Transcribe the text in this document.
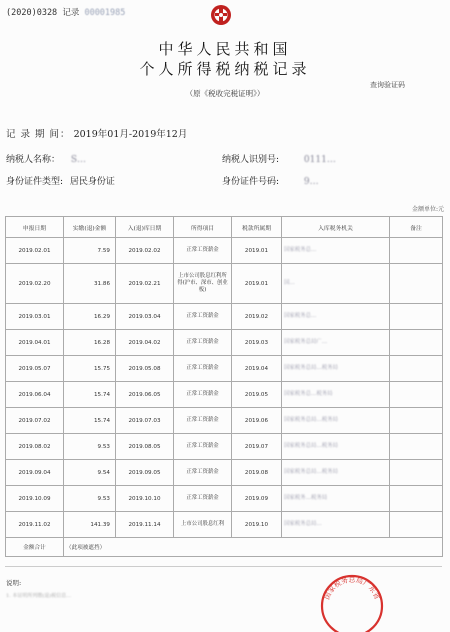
(2020)0328 记录 00001985
中华人民共和国
个人所得税纳税记录
（原《税收完税证明》）
查询验证码
记 录 期 间： 2019年01月-2019年12月
纳税人名称： S…	纳税人识别号:	0111…
身份证件类型: 居民身份证	身份证件号码:	9…
金额单位:元
申报日期	实缴(退)金额	入(退)库日期	所得项目	税款所属期	入库税务机关	备注
2019.02.01	7.59	2019.02.02	正常工资薪金	2019.01	国家税务总…	
2019.02.20	31.86	2019.02.21	上市公司股息红利所得(沪市、深市、创业板)	2019.01	国…	
2019.03.01	16.29	2019.03.04	正常工资薪金	2019.02	国家税务总…	
2019.04.01	16.28	2019.04.02	正常工资薪金	2019.03	国家税务总局广…	
2019.05.07	15.75	2019.05.08	正常工资薪金	2019.04	国家税务总局…税务局	
2019.06.04	15.74	2019.06.05	正常工资薪金	2019.05	国家税务总…税务局	
2019.07.02	15.74	2019.07.03	正常工资薪金	2019.06	国家税务总局…税务局	
2019.08.02	9.53	2019.08.05	正常工资薪金	2019.07	国家税务总局…税务局	
2019.09.04	9.54	2019.09.05	正常工资薪金	2019.08	国家税务总局…税务局	
2019.10.09	9.53	2019.10.10	正常工资薪金	2019.09	国家税务…税务局	
2019.11.02	141.39	2019.11.14	上市公司股息红利	2019.10	国家税务总局…	
金额合计	（此项被遮挡）					
说明:
1. 本证明所列缴(退)税信息…	国家税务总局广东省
